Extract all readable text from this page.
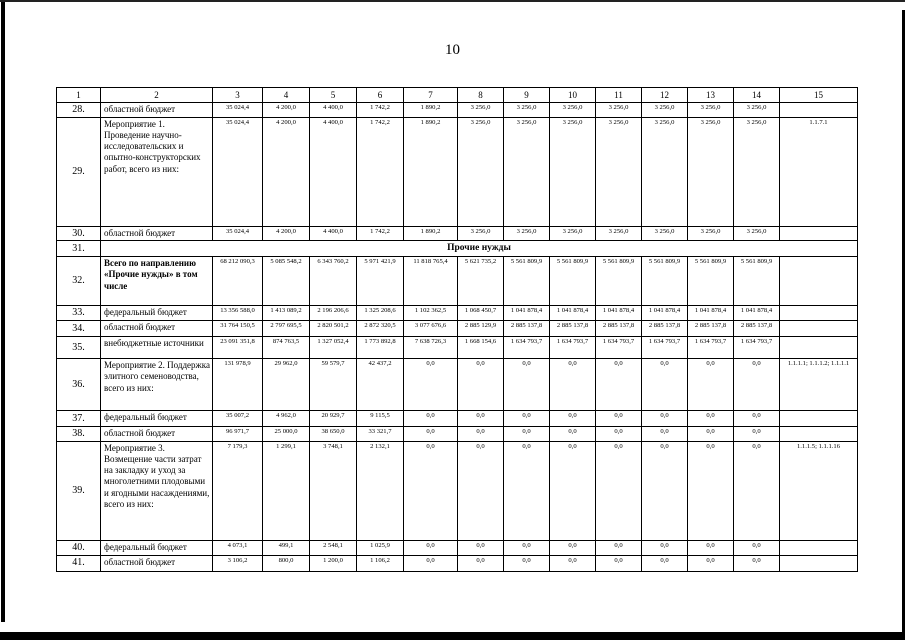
10
1	2	3	4	5	6	7	8	9	10	11	12	13	14	15
28.	областной бюджет	35 024,4	4 200,0	4 400,0	1 742,2	1 890,2	3 256,0	3 256,0	3 256,0	3 256,0	3 256,0	3 256,0	3 256,0	
29.	Мероприятие 1. Проведение научно-исследовательских и опытно-конструкторских работ, всего из них:	35 024,4	4 200,0	4 400,0	1 742,2	1 890,2	3 256,0	3 256,0	3 256,0	3 256,0	3 256,0	3 256,0	3 256,0	1.1.7.1
30.	областной бюджет	35 024,4	4 200,0	4 400,0	1 742,2	1 890,2	3 256,0	3 256,0	3 256,0	3 256,0	3 256,0	3 256,0	3 256,0	
31.	Прочие нужды													
32.	Всего по направлению «Прочие нужды» в том числе	68 212 090,3	5 085 548,2	6 343 760,2	5 971 421,9	11 818 765,4	5 621 735,2	5 561 809,9	5 561 809,9	5 561 809,9	5 561 809,9	5 561 809,9	5 561 809,9	
33.	федеральный бюджет	13 356 588,0	1 413 089,2	2 196 206,6	1 325 208,6	1 102 362,5	1 068 450,7	1 041 878,4	1 041 878,4	1 041 878,4	1 041 878,4	1 041 878,4	1 041 878,4	
34.	областной бюджет	31 764 150,5	2 797 695,5	2 820 501,2	2 872 320,5	3 077 676,6	2 885 129,9	2 885 137,8	2 885 137,8	2 885 137,8	2 885 137,8	2 885 137,8	2 885 137,8	
35.	внебюджетные источники	23 091 351,8	874 763,5	1 327 052,4	1 773 892,8	7 638 726,3	1 668 154,6	1 634 793,7	1 634 793,7	1 634 793,7	1 634 793,7	1 634 793,7	1 634 793,7	
36.	Мероприятие 2. Поддержка элитного семеноводства, всего из них:	131 978,9	29 962,0	59 579,7	42 437,2	0,0	0,0	0,0	0,0	0,0	0,0	0,0	0,0	1.1.1.1; 1.1.1.2; 1.1.1.1
37.	федеральный бюджет	35 007,2	4 962,0	20 929,7	9 115,5	0,0	0,0	0,0	0,0	0,0	0,0	0,0	0,0	
38.	областной бюджет	96 971,7	25 000,0	38 650,0	33 321,7	0,0	0,0	0,0	0,0	0,0	0,0	0,0	0,0	
39.	Мероприятие 3. Возмещение части затрат на закладку и уход за многолетними плодовыми и ягодными насаждениями, всего из них:	7 179,3	1 299,1	3 748,1	2 132,1	0,0	0,0	0,0	0,0	0,0	0,0	0,0	0,0	1.1.1.5; 1.1.1.16
40.	федеральный бюджет	4 073,1	499,1	2 548,1	1 025,9	0,0	0,0	0,0	0,0	0,0	0,0	0,0	0,0	
41.	областной бюджет	3 106,2	800,0	1 200,0	1 106,2	0,0	0,0	0,0	0,0	0,0	0,0	0,0	0,0	
